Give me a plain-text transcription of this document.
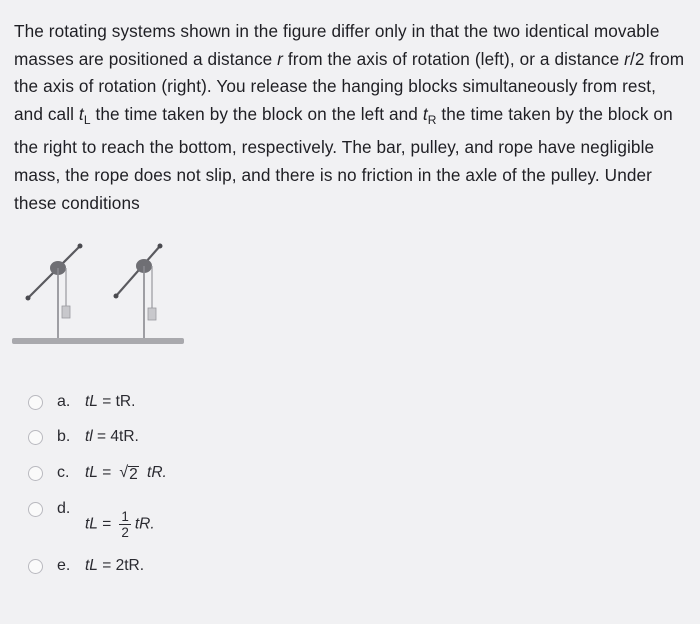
The rotating systems shown in the figure differ only in that the two identical movable masses are positioned a distance r from the axis of rotation (left), or a distance r/2 from the axis of rotation (right). You release the hanging blocks simultaneously from rest, and call $t_L$ the time taken by the block on the left and $t_R$ the time taken by the block on the right to reach the bottom, respectively. The bar, pulley, and rope have negligible mass, the rope does not slip, and there is no friction in the axle of the pulley. Under these conditions
a. tL = tR.
b. tl = 4tR.
c.	tL = √ 2 tR.
d.
tL = $\frac{1}{2}$ tR.
e. tL = 2tR.
